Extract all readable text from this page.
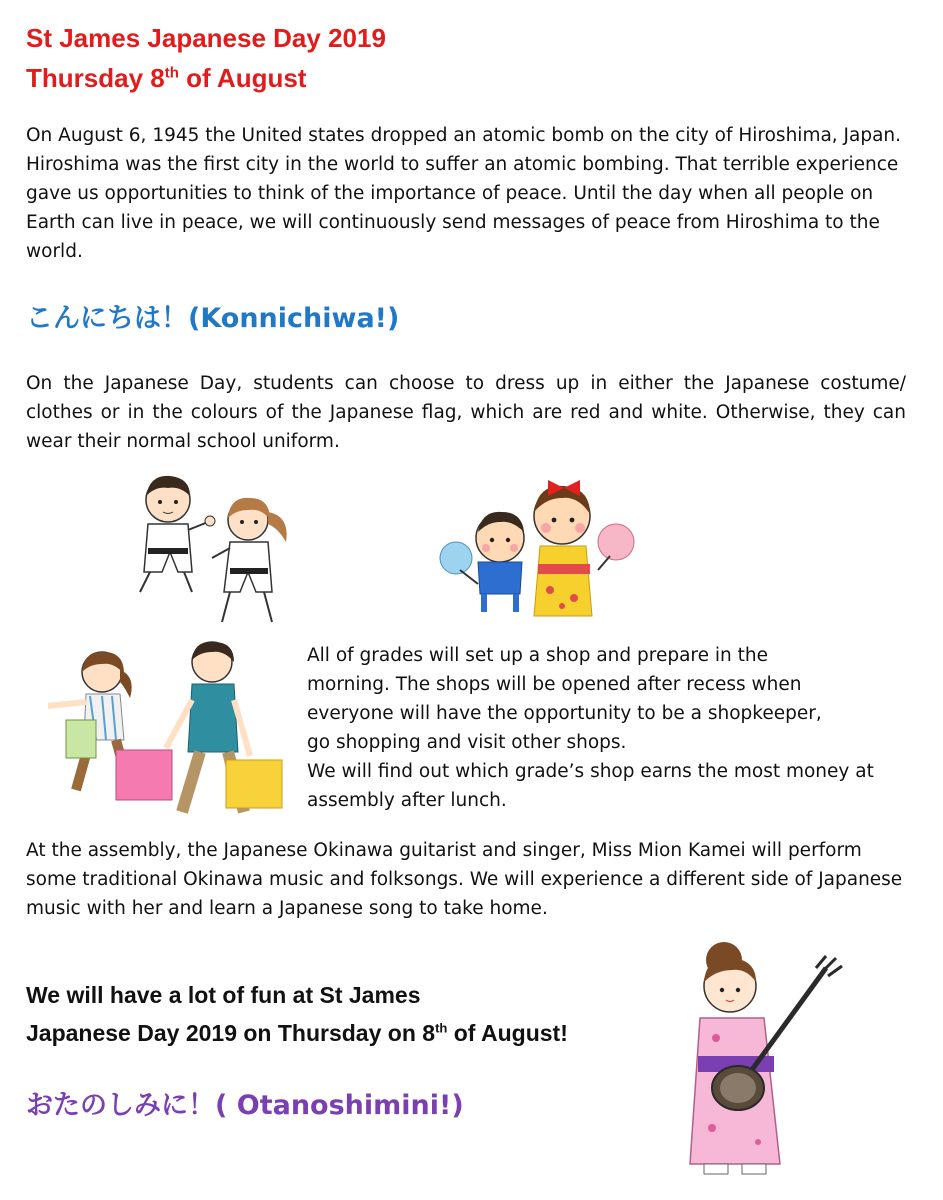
St James Japanese Day 2019
Thursday 8th of August

On August 6, 1945 the United states dropped an atomic bomb on the city of Hiroshima, Japan. Hiroshima was the first city in the world to suffer an atomic bombing. That terrible experience gave us opportunities to think of the importance of peace. Until the day when all people on Earth can live in peace, we will continuously send messages of peace from Hiroshima to the world.

こんにちは！(Konnichiwa!)

On the Japanese Day, students can choose to dress up in either the Japanese costume/ clothes or in the colours of the Japanese flag, which are red and white. Otherwise, they can wear their normal school uniform.

All of grades will set up a shop and prepare in the
morning. The shops will be opened after recess when
everyone will have the opportunity to be a shopkeeper,
go shopping and visit other shops.
We will find out which grade’s shop earns the most money at
assembly after lunch.

At the assembly, the Japanese Okinawa guitarist and singer, Miss Mion Kamei will perform some traditional Okinawa music and folksongs. We will experience a different side of Japanese music with her and learn a Japanese song to take home.

We will have a lot of fun at St James
Japanese Day 2019 on Thursday on 8th of August!
おたのしみに！( Otanoshimini!)
